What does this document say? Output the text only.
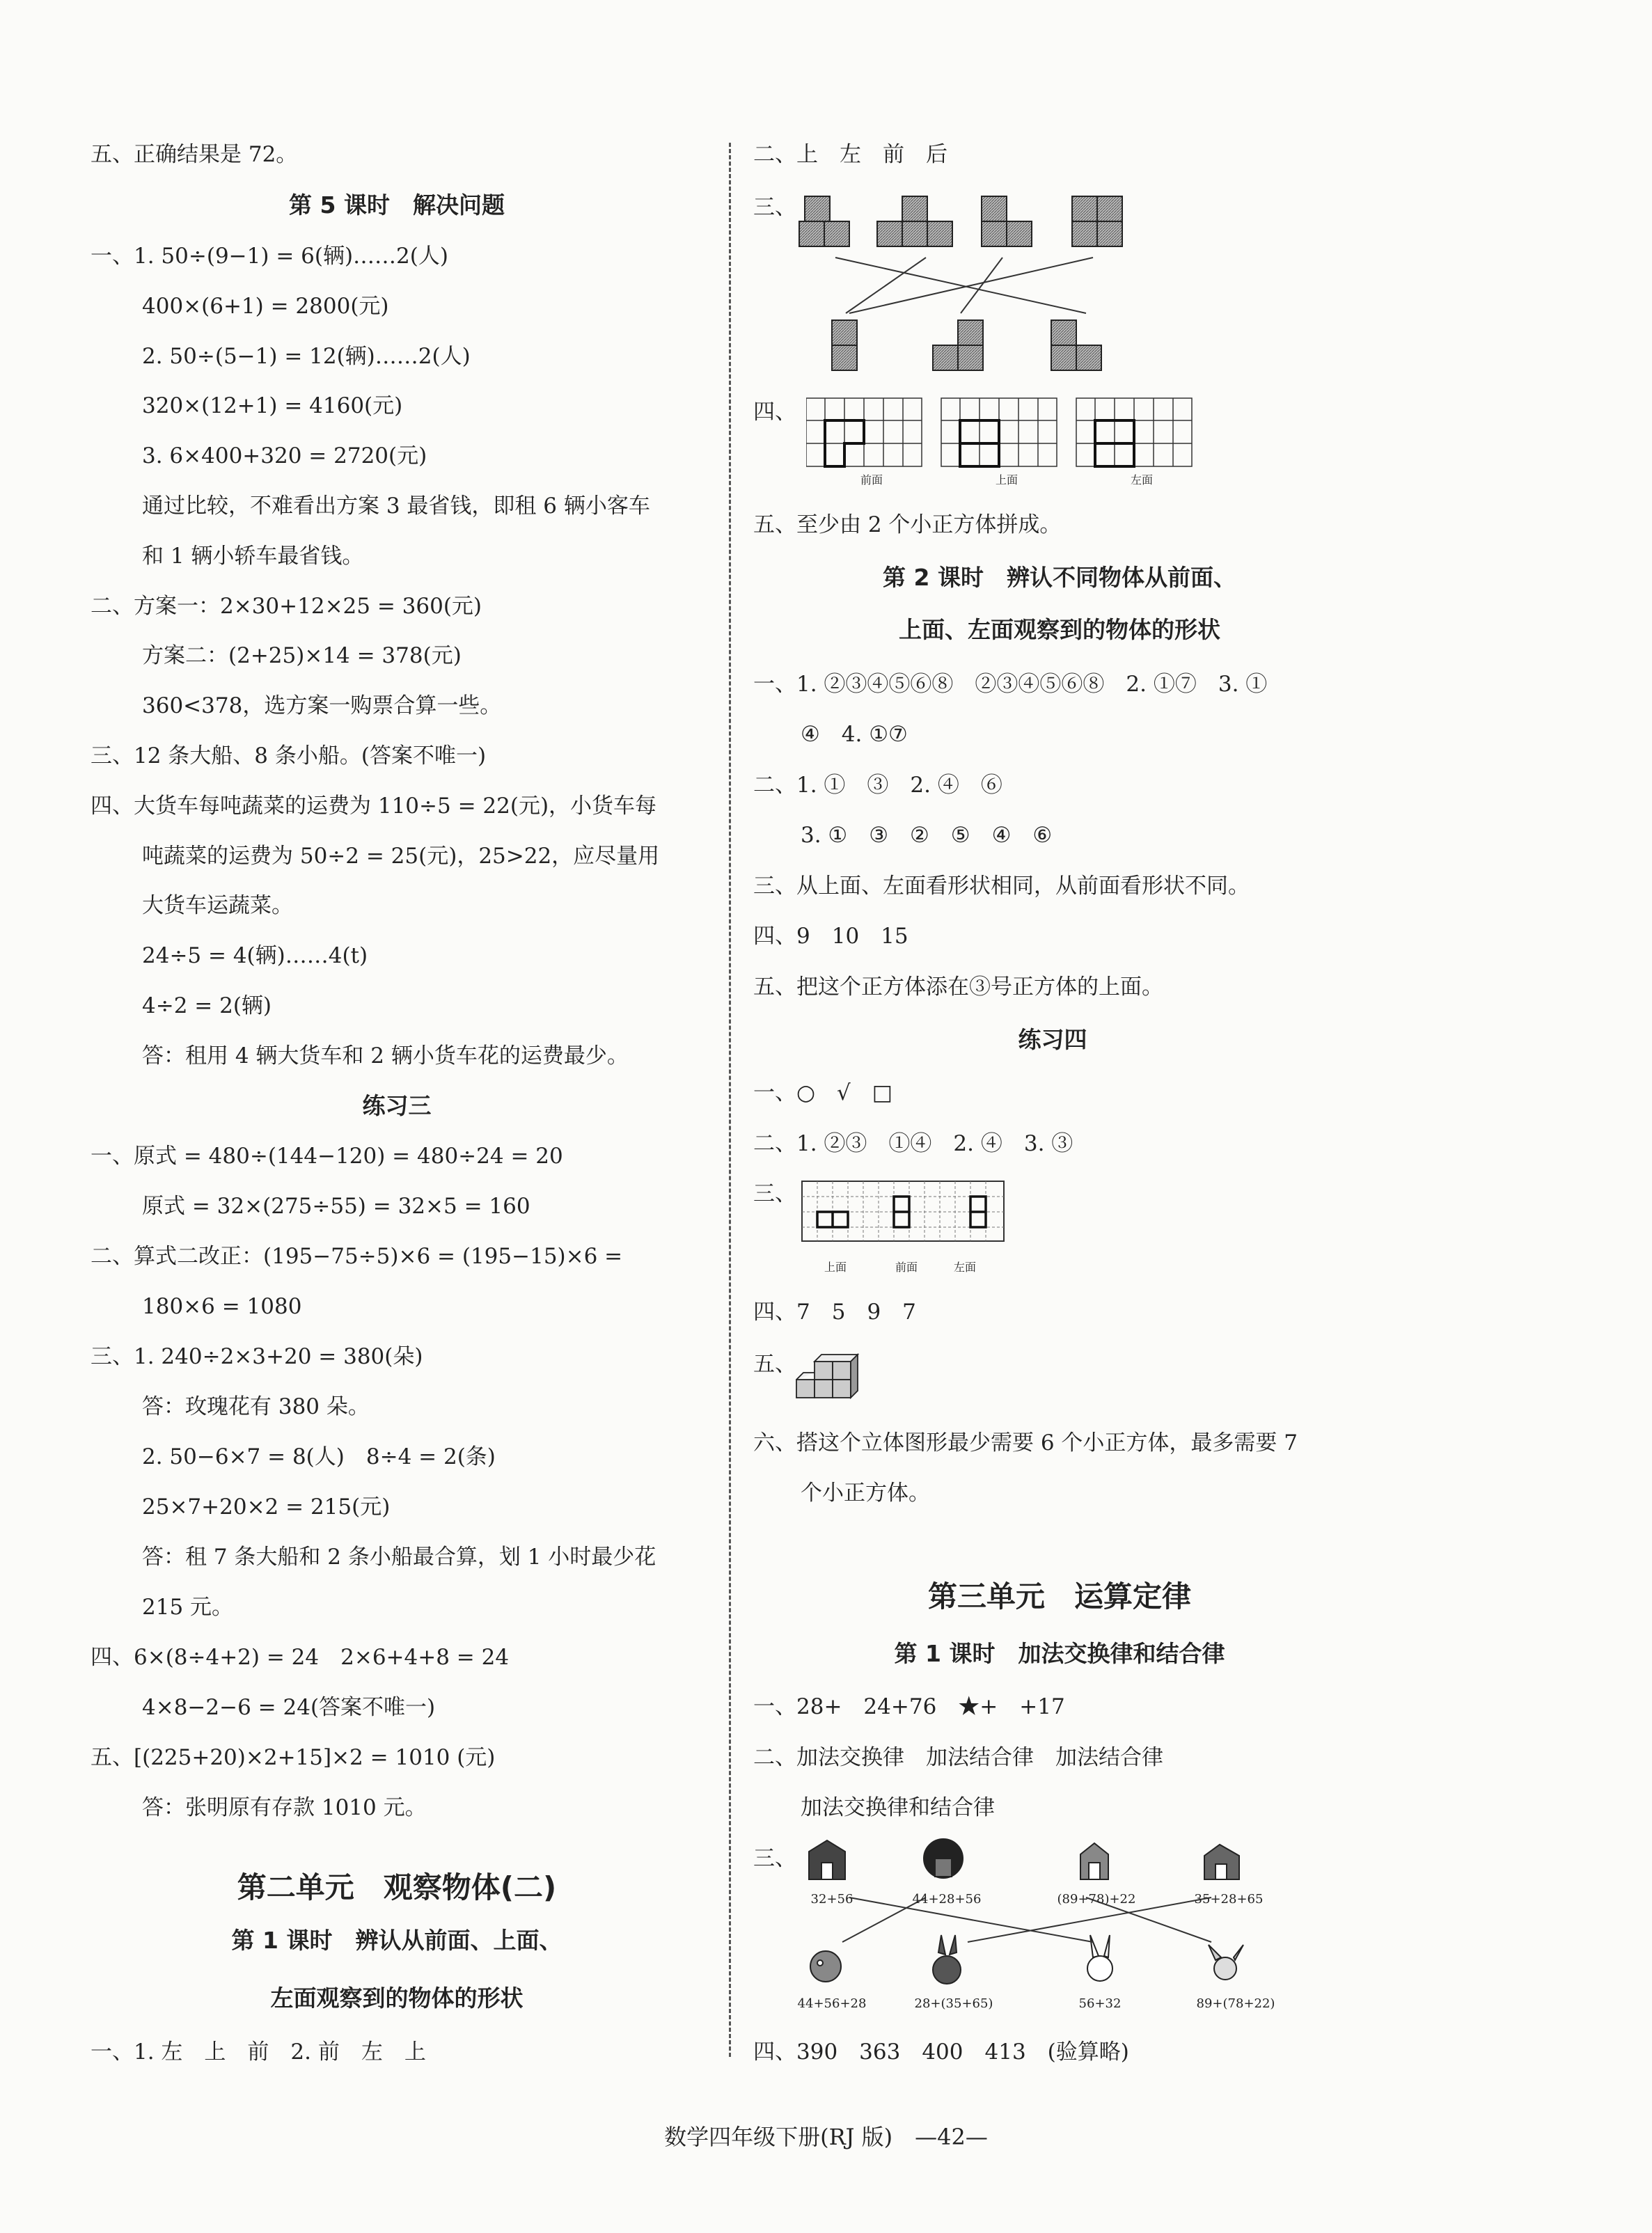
五、正确结果是 72。
第 5 课时　解决问题
一、1. 50÷(9−1) = 6(辆)……2(人)
400×(6+1) = 2800(元)
2. 50÷(5−1) = 12(辆)……2(人)
320×(12+1) = 4160(元)
3. 6×400+320 = 2720(元)
通过比较，不难看出方案 3 最省钱，即租 6 辆小客车
和 1 辆小轿车最省钱。
二、方案一：2×30+12×25 = 360(元)
方案二：(2+25)×14 = 378(元)
360<378，选方案一购票合算一些。
三、12 条大船、8 条小船。(答案不唯一)
四、大货车每吨蔬菜的运费为 110÷5 = 22(元)，小货车每
吨蔬菜的运费为 50÷2 = 25(元)，25>22，应尽量用
大货车运蔬菜。
24÷5 = 4(辆)……4(t)
4÷2 = 2(辆)
答：租用 4 辆大货车和 2 辆小货车花的运费最少。
练习三
一、原式 = 480÷(144−120) = 480÷24 = 20
原式 = 32×(275÷55) = 32×5 = 160
二、算式二改正：(195−75÷5)×6 = (195−15)×6 =
180×6 = 1080
三、1. 240÷2×3+20 = 380(朵)
答：玫瑰花有 380 朵。
2. 50−6×7 = 8(人)　8÷4 = 2(条)
25×7+20×2 = 215(元)
答：租 7 条大船和 2 条小船最合算，划 1 小时最少花
215 元。
四、6×(8÷4+2) = 24　2×6+4+8 = 24
4×8−2−6 = 24(答案不唯一)
五、[(225+20)×2+15]×2 = 1010 (元)
答：张明原有存款 1010 元。
第二单元　观察物体(二)
第 1 课时　辨认从前面、上面、
左面观察到的物体的形状
一、1. 左　上　前　2. 前　左　上
二、上　左　前　后
三、
四、
前面	上面	左面
五、至少由 2 个小正方体拼成。
第 2 课时　辨认不同物体从前面、
上面、左面观察到的物体的形状
一、1. ②③④⑤⑥⑧　②③④⑤⑥⑧　2. ①⑦　3. ①
④　4. ①⑦
二、1. ①　③　2. ④　⑥
3. ①　③　②　⑤　④　⑥
三、从上面、左面看形状相同，从前面看形状不同。
四、9　10　15
五、把这个正方体添在③号正方体的上面。
练习四
一、○　√　□
二、1. ②③　①④　2. ④　3. ③
三、
上面	前面	左面
四、7　5　9　7
五、
六、搭这个立体图形最少需要 6 个小正方体，最多需要 7
个小正方体。
第三单元　运算定律
第 1 课时　加法交换律和结合律
一、28+　24+76　★+　+17
二、加法交换律　加法结合律　加法结合律
加法交换律和结合律
三、
32+56	44+28+56	(89+78)+22	35+28+65
44+56+28	28+(35+65)	56+32	89+(78+22)
四、390　363　400　413　(验算略)
数学四年级下册(RJ 版)　—42—
